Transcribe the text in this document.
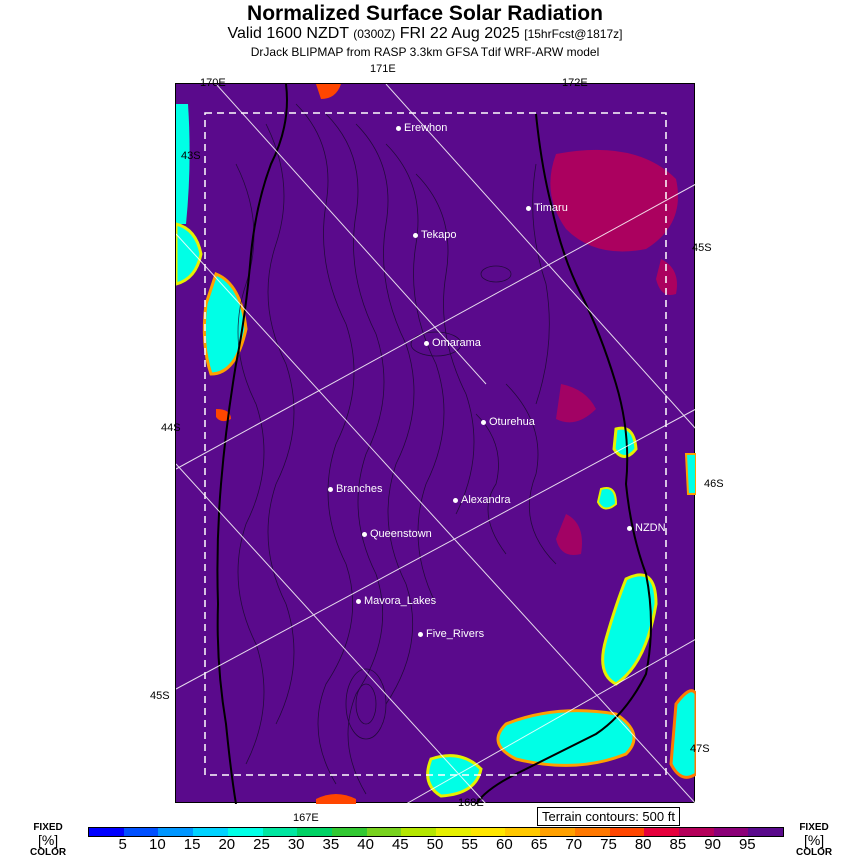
Normalized Surface Solar Radiation
Valid 1600 NZDT (0300Z) FRI 22 Aug 2025 [15hrFcst@1817z]
DrJack BLIPMAP from RASP 3.3km GFSA Tdif WRF-ARW model
Erewhon
Timaru
Tekapo
Omarama
Oturehua
Branches
Alexandra
NZDN
Queenstown
Mavora_Lakes
Five_Rivers
170E
171E
172E
43S
44S
45S
45S
46S
47S
167E
168E
Terrain contours: 500 ft
FIXED
[%]
COLOR
FIXED
[%]
COLOR
5 10 15 20 25 30 35 40 45 50 55 60 65 70 75 80 85 90 95
